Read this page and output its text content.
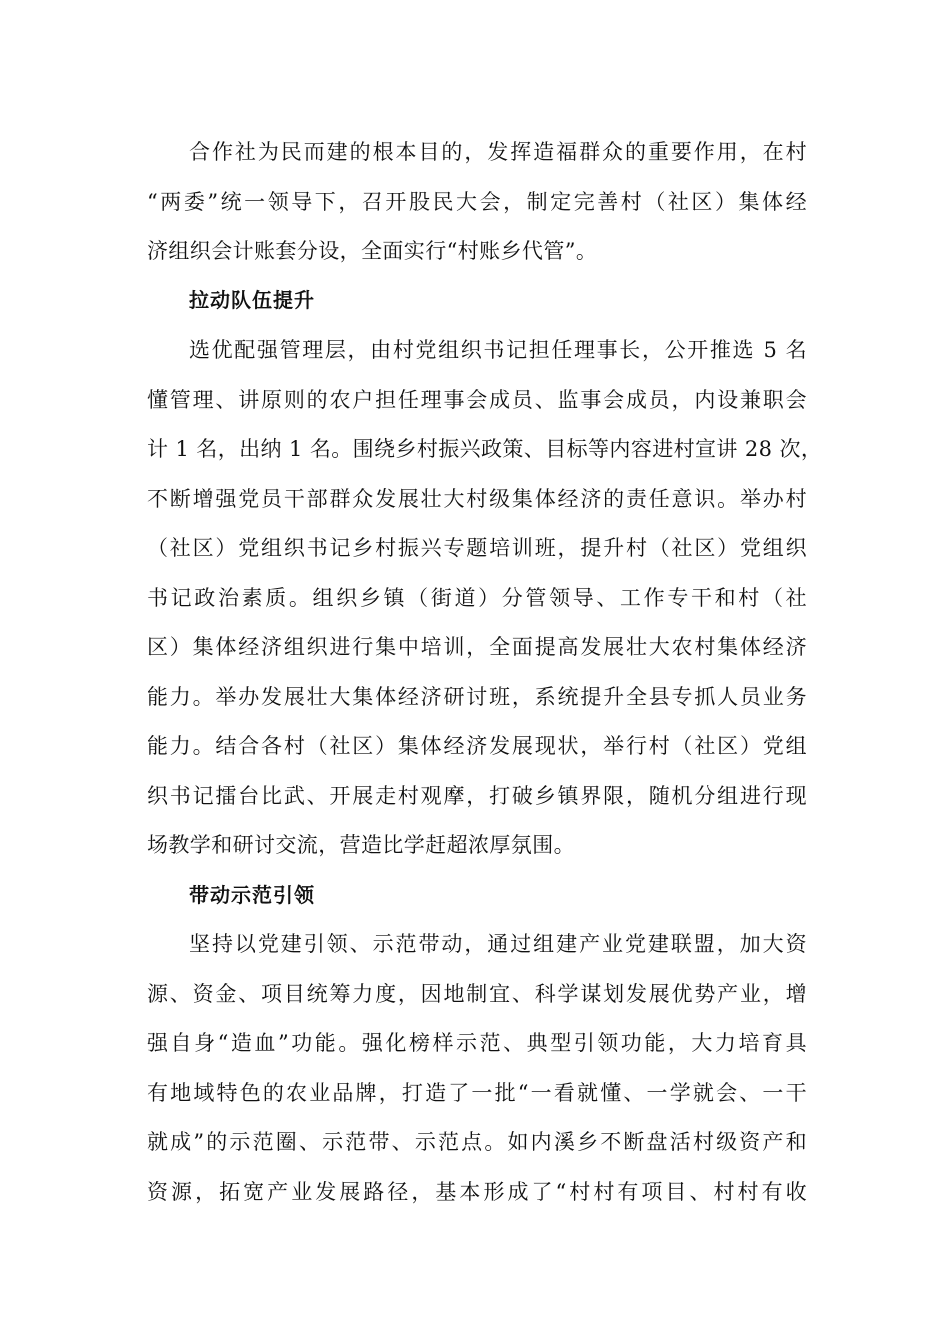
合作社为民而建的根本目的，发挥造福群众的重要作用，在村
“两委”统一领导下，召开股民大会，制定完善村（社区）集体经
济组织会计账套分设，全面实行“村账乡代管”。
拉动队伍提升
选优配强管理层，由村党组织书记担任理事长，公开推选 5 名
懂管理、讲原则的农户担任理事会成员、监事会成员，内设兼职会
计 1 名，出纳 1 名。围绕乡村振兴政策、目标等内容进村宣讲 28 次，
不断增强党员干部群众发展壮大村级集体经济的责任意识。举办村
（社区）党组织书记乡村振兴专题培训班，提升村（社区）党组织
书记政治素质。组织乡镇（街道）分管领导、工作专干和村（社
区）集体经济组织进行集中培训，全面提高发展壮大农村集体经济
能力。举办发展壮大集体经济研讨班，系统提升全县专抓人员业务
能力。结合各村（社区）集体经济发展现状，举行村（社区）党组
织书记擂台比武、开展走村观摩，打破乡镇界限，随机分组进行现
场教学和研讨交流，营造比学赶超浓厚氛围。
带动示范引领
坚持以党建引领、示范带动，通过组建产业党建联盟，加大资
源、资金、项目统筹力度，因地制宜、科学谋划发展优势产业，增
强自身“造血”功能。强化榜样示范、典型引领功能，大力培育具
有地域特色的农业品牌，打造了一批“一看就懂、一学就会、一干
就成”的示范圈、示范带、示范点。如内溪乡不断盘活村级资产和
资源，拓宽产业发展路径，基本形成了“村村有项目、村村有收
